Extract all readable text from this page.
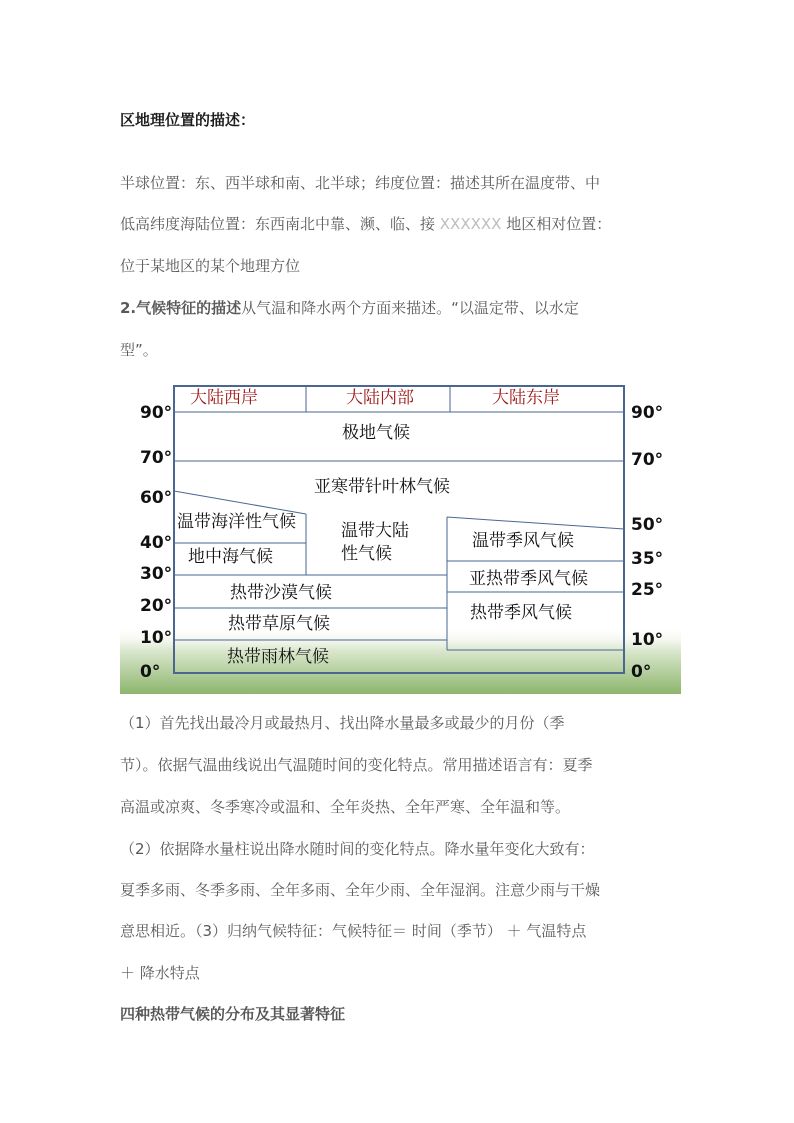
区地理位置的描述：
半球位置：东、西半球和南、北半球；纬度位置：描述其所在温度带、中
低高纬度海陆位置：东西南北中靠、濒、临、接 XXXXXX 地区相对位置：
位于某地区的某个地理方位
2.气候特征的描述从气温和降水两个方面来描述。“以温定带、以水定
型”。
大陆西岸	大陆内部	大陆东岸
90°
70°
60°
40°
30°
20°
10°
0°
90°
70°
50°
35°
25°
10°
0°
极地气候
亚寒带针叶林气候
温带海洋性气候
地中海气候
温带大陆
性气候
温带季风气候
亚热带季风气候
热带季风气候
热带沙漠气候
热带草原气候
热带雨林气候
（1）首先找出最冷月或最热月、找出降水量最多或最少的月份（季
节）。依据气温曲线说出气温随时间的变化特点。常用描述语言有：夏季
高温或凉爽、冬季寒冷或温和、全年炎热、全年严寒、全年温和等。
（2）依据降水量柱说出降水随时间的变化特点。降水量年变化大致有：
夏季多雨、冬季多雨、全年多雨、全年少雨、全年湿润。注意少雨与干燥
意思相近。（3）归纳气候特征：气候特征＝ 时间（季节） ＋ 气温特点
＋ 降水特点
四种热带气候的分布及其显著特征
